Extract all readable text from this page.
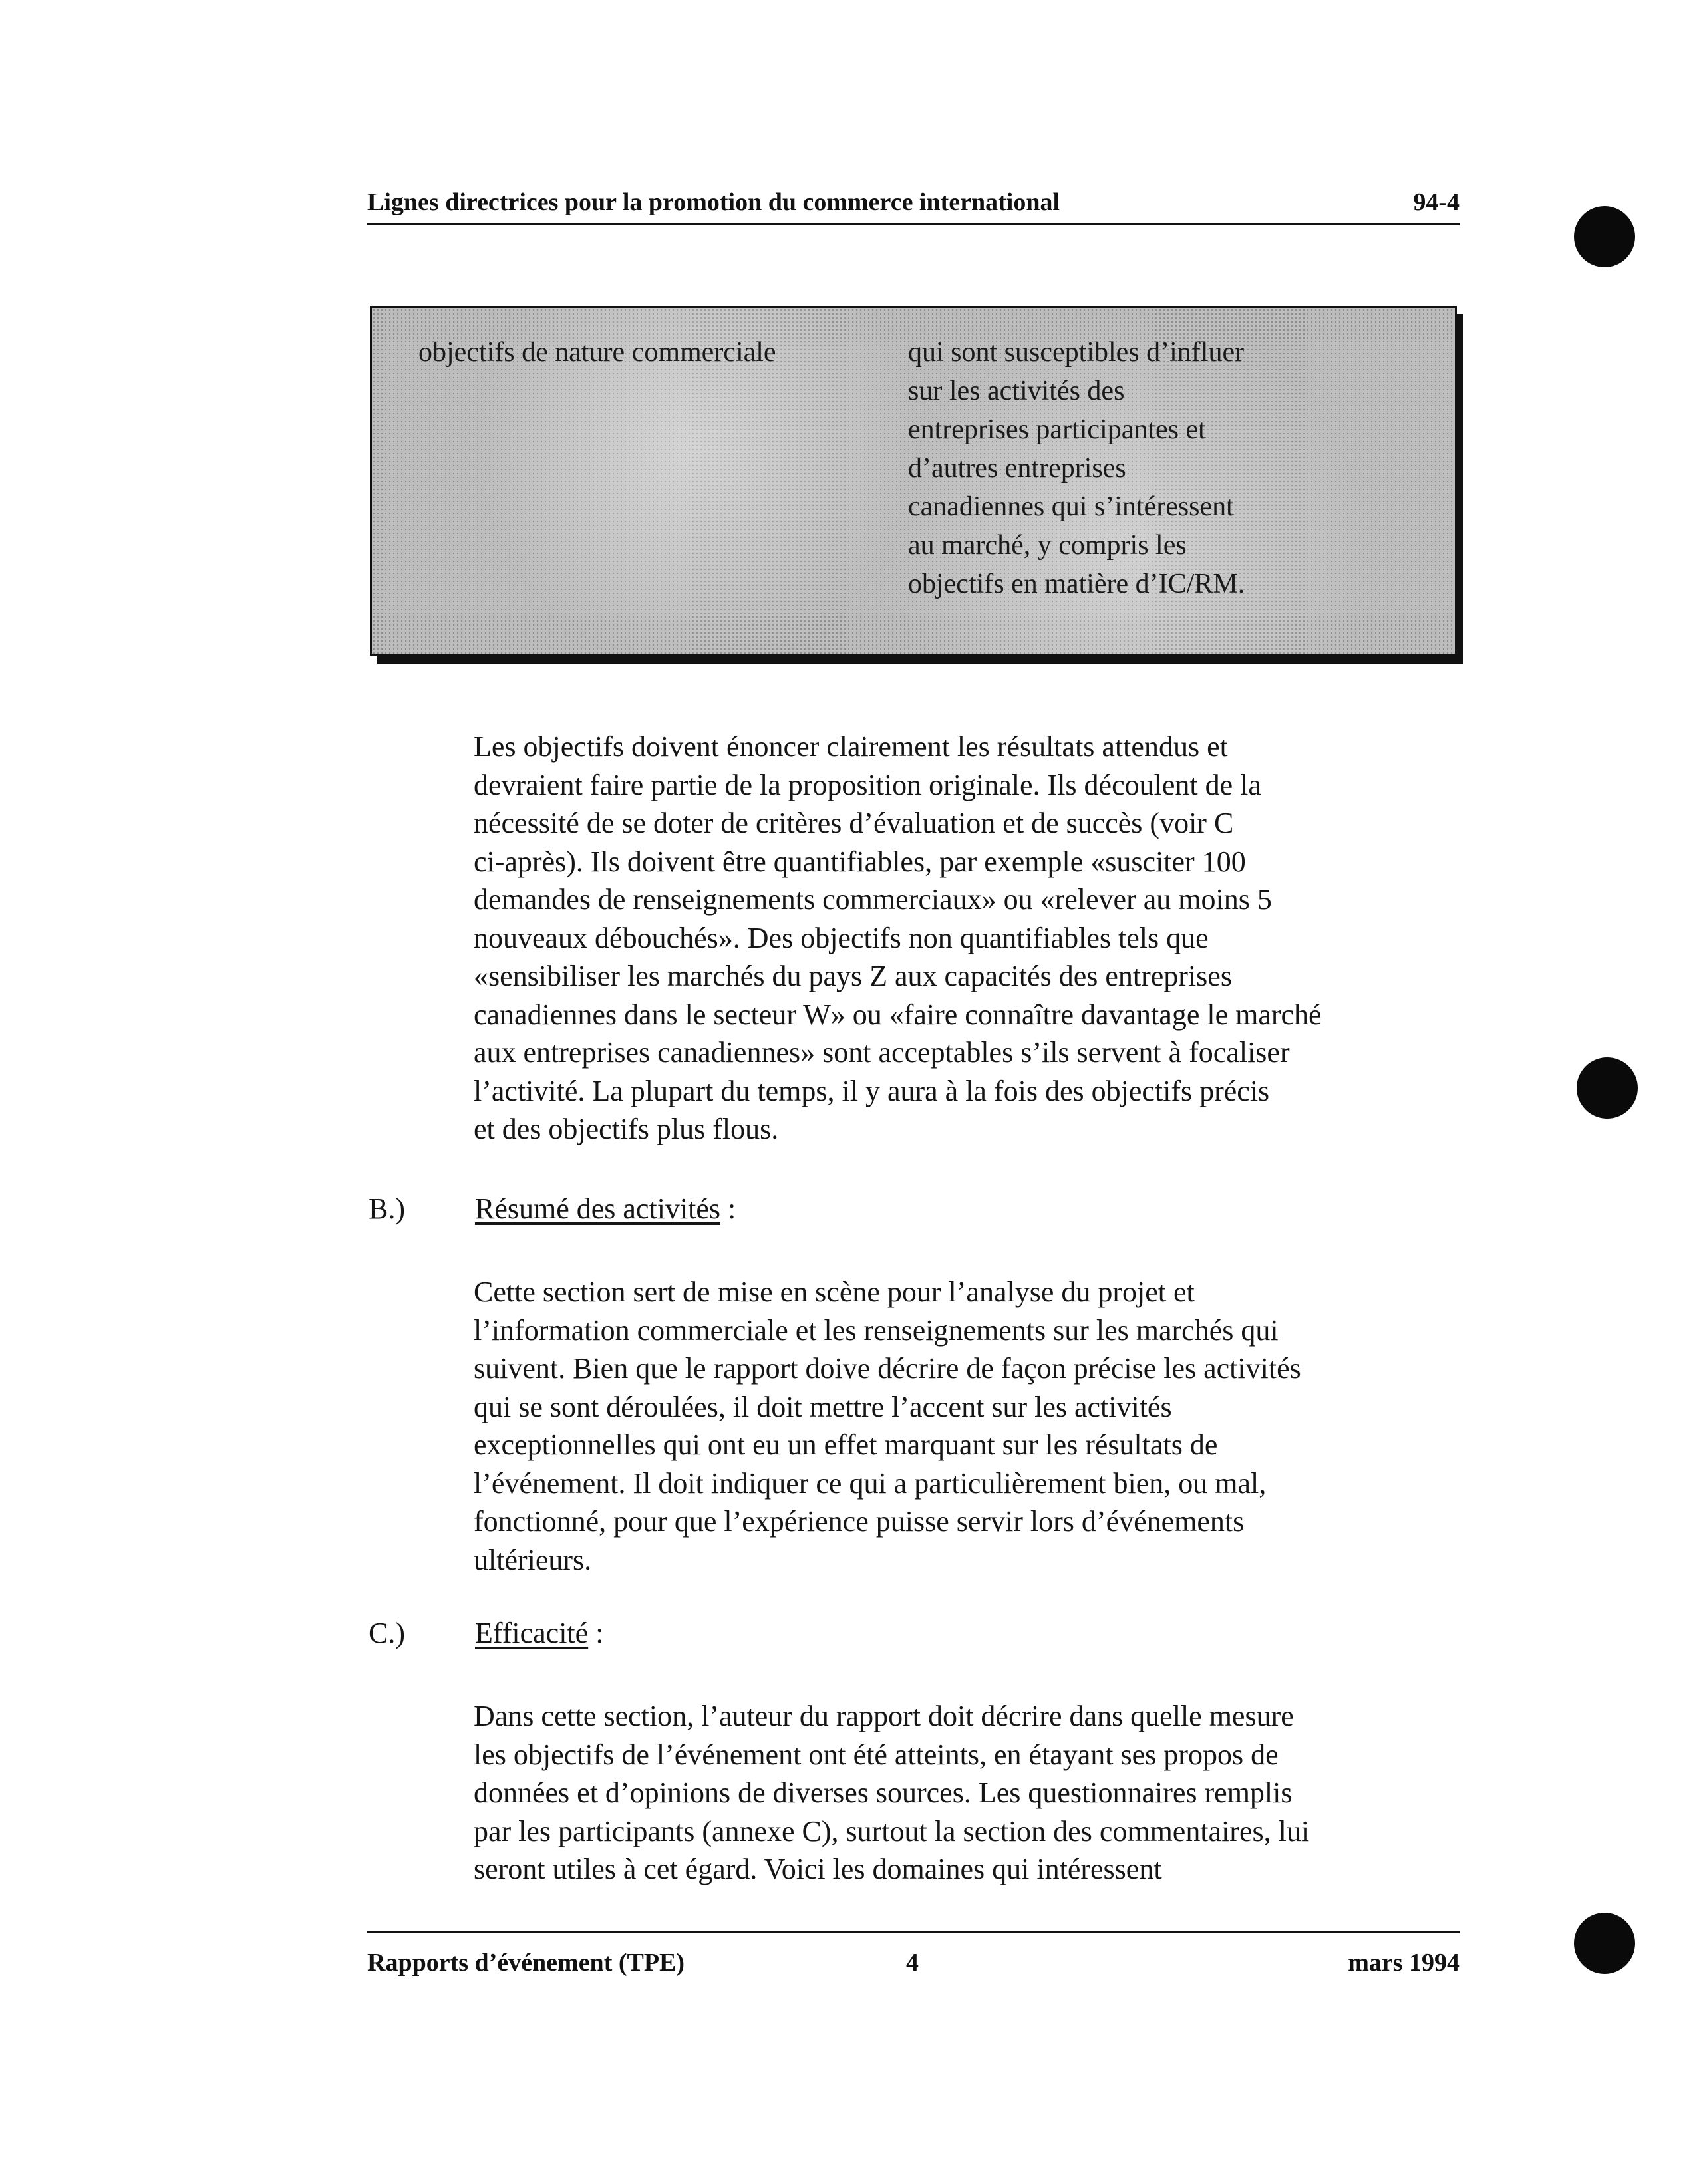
Lignes directrices pour la promotion du commerce international	94-4
objectifs de nature commerciale	qui sont susceptibles d’influer
sur les activités des
entreprises participantes et
d’autres entreprises
canadiennes qui s’intéressent
au marché, y compris les
objectifs en matière d’IC/RM.
Les objectifs doivent énoncer clairement les résultats attendus et
devraient faire partie de la proposition originale. Ils découlent de la
nécessité de se doter de critères d’évaluation et de succès (voir C
ci-après). Ils doivent être quantifiables, par exemple «susciter 100
demandes de renseignements commerciaux» ou «relever au moins 5
nouveaux débouchés». Des objectifs non quantifiables tels que
«sensibiliser les marchés du pays Z aux capacités des entreprises
canadiennes dans le secteur W» ou «faire connaître davantage le marché
aux entreprises canadiennes» sont acceptables s’ils servent à focaliser
l’activité. La plupart du temps, il y aura à la fois des objectifs précis
et des objectifs plus flous.
B.) Résumé des activités :
Cette section sert de mise en scène pour l’analyse du projet et
l’information commerciale et les renseignements sur les marchés qui
suivent. Bien que le rapport doive décrire de façon précise les activités
qui se sont déroulées, il doit mettre l’accent sur les activités
exceptionnelles qui ont eu un effet marquant sur les résultats de
l’événement. Il doit indiquer ce qui a particulièrement bien, ou mal,
fonctionné, pour que l’expérience puisse servir lors d’événements
ultérieurs.
C.) Efficacité :
Dans cette section, l’auteur du rapport doit décrire dans quelle mesure
les objectifs de l’événement ont été atteints, en étayant ses propos de
données et d’opinions de diverses sources. Les questionnaires remplis
par les participants (annexe C), surtout la section des commentaires, lui
seront utiles à cet égard. Voici les domaines qui intéressent
Rapports d’événement (TPE)	4	mars 1994
